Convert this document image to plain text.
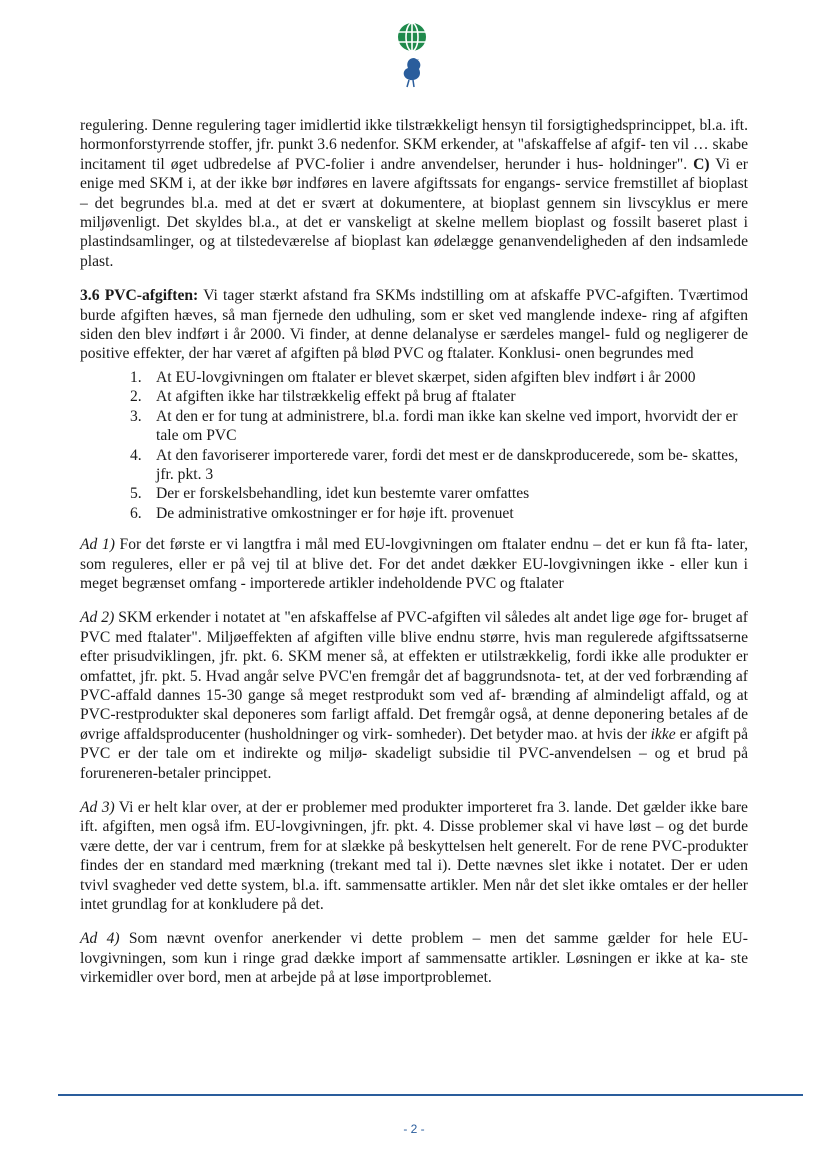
regulering. Denne regulering tager imidlertid ikke tilstrækkeligt hensyn til forsigtighedsprincippet, bl.a. ift. hormonforstyrrende stoffer, jfr. punkt 3.6 nedenfor. SKM erkender, at "afskaffelse af afgif- ten vil … skabe incitament til øget udbredelse af PVC-folier i andre anvendelser, herunder i hus- holdninger". C) Vi er enige med SKM i, at der ikke bør indføres en lavere afgiftssats for engangs- service fremstillet af bioplast – det begrundes bl.a. med at det er svært at dokumentere, at bioplast gennem sin livscyklus er mere miljøvenligt. Det skyldes bl.a., at det er vanskeligt at skelne mellem bioplast og fossilt baseret plast i plastindsamlinger, og at tilstedeværelse af bioplast kan ødelægge genanvendeligheden af den indsamlede plast.

3.6 PVC-afgiften: Vi tager stærkt afstand fra SKMs indstilling om at afskaffe PVC-afgiften. Tværtimod burde afgiften hæves, så man fjernede den udhuling, som er sket ved manglende indexe- ring af afgiften siden den blev indført i år 2000. Vi finder, at denne delanalyse er særdeles mangel- fuld og negligerer de positive effekter, der har været af afgiften på blød PVC og ftalater. Konklusi- onen begrundes med

1. At EU-lovgivningen om ftalater er blevet skærpet, siden afgiften blev indført i år 2000
2. At afgiften ikke har tilstrækkelig effekt på brug af ftalater
3. At den er for tung at administrere, bl.a. fordi man ikke kan skelne ved import, hvorvidt der er tale om PVC
4. At den favoriserer importerede varer, fordi det mest er de danskproducerede, som be- skattes, jfr. pkt. 3
5. Der er forskelsbehandling, idet kun bestemte varer omfattes
6. De administrative omkostninger er for høje ift. provenuet

Ad 1) For det første er vi langtfra i mål med EU-lovgivningen om ftalater endnu – det er kun få fta- later, som reguleres, eller er på vej til at blive det. For det andet dækker EU-lovgivningen ikke - eller kun i meget begrænset omfang - importerede artikler indeholdende PVC og ftalater

Ad 2) SKM erkender i notatet at "en afskaffelse af PVC-afgiften vil således alt andet lige øge for- bruget af PVC med ftalater". Miljøeffekten af afgiften ville blive endnu større, hvis man regulerede afgiftssatserne efter prisudviklingen, jfr. pkt. 6. SKM mener så, at effekten er utilstrækkelig, fordi ikke alle produkter er omfattet, jfr. pkt. 5. Hvad angår selve PVC'en fremgår det af baggrundsnota- tet, at der ved forbrænding af PVC-affald dannes 15-30 gange så meget restprodukt som ved af- brænding af almindeligt affald, og at PVC-restprodukter skal deponeres som farligt affald. Det fremgår også, at denne deponering betales af de øvrige affaldsproducenter (husholdninger og virk- somheder). Det betyder mao. at hvis der ikke er afgift på PVC er der tale om et indirekte og miljø- skadeligt subsidie til PVC-anvendelsen – og et brud på forureneren-betaler princippet.

Ad 3) Vi er helt klar over, at der er problemer med produkter importeret fra 3. lande. Det gælder ikke bare ift. afgiften, men også ifm. EU-lovgivningen, jfr. pkt. 4. Disse problemer skal vi have løst – og det burde være dette, der var i centrum, frem for at slække på beskyttelsen helt generelt. For de rene PVC-produkter findes der en standard med mærkning (trekant med tal i). Dette nævnes slet ikke i notatet. Der er uden tvivl svagheder ved dette system, bl.a. ift. sammensatte artikler. Men når det slet ikke omtales er der heller intet grundlag for at konkludere på det.

Ad 4) Som nævnt ovenfor anerkender vi dette problem – men det samme gælder for hele EU- lovgivningen, som kun i ringe grad dække import af sammensatte artikler. Løsningen er ikke at ka- ste virkemidler over bord, men at arbejde på at løse importproblemet.

- 2 -
